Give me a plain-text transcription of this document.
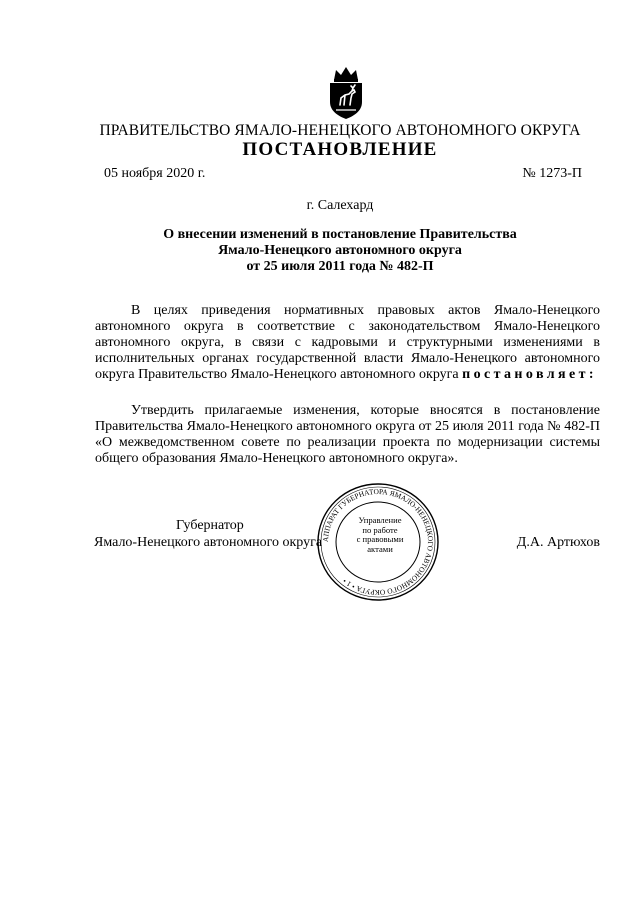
ПРАВИТЕЛЬСТВО ЯМАЛО-НЕНЕЦКОГО АВТОНОМНОГО ОКРУГА
ПОСТАНОВЛЕНИЕ
05 ноября 2020 г.	№ 1273-П
г. Салехард
О внесении изменений в постановление Правительства
Ямало-Ненецкого автономного округа
от 25 июля 2011 года № 482-П
В целях приведения нормативных правовых актов Ямало-Ненецкого автономного округа в соответствие с законодательством Ямало-Ненецкого автономного округа, в связи с кадровыми и структурными изменениями в исполнительных органах государственной власти Ямало-Ненецкого автономного округа Правительство Ямало-Ненецкого автономного округа постановляет:
Утвердить прилагаемые изменения, которые вносятся в постановление Правительства Ямало-Ненецкого автономного округа от 25 июля 2011 года № 482-П «О межведомственном совете по реализации проекта по модернизации системы общего образования Ямало-Ненецкого автономного округа».
Губернатор
Ямало-Ненецкого автономного округа	Д.А. Артюхов
АППАРАТ ГУБЕРНАТОРА ЯМАЛО-НЕНЕЦКОГО АВТОНОМНОГО ОКРУГА • 1 •
Управление
по работе
с правовыми
актами
